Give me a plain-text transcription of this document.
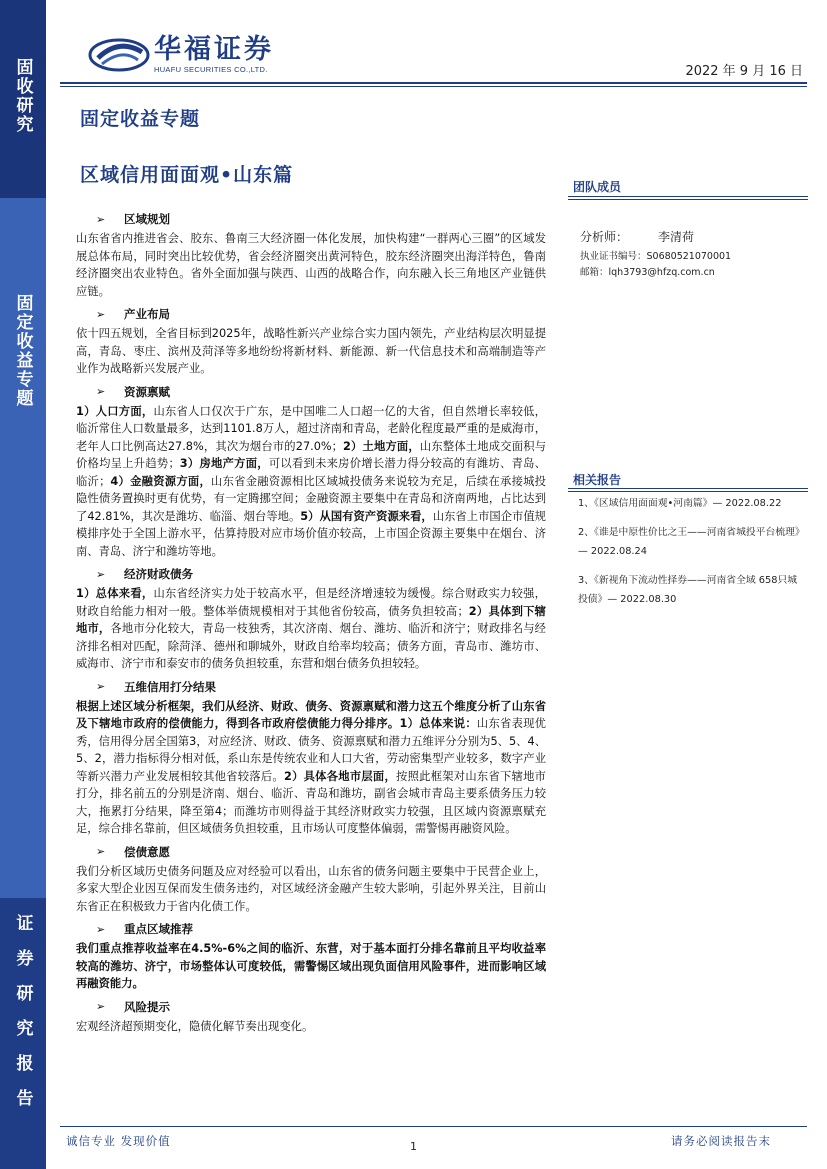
固收研究
固定收益专题
证券研究报告
华福证券
HUAFU SECURITIES CO.,LTD.	2022 年 9 月 16 日
固定收益专题
区域信用面面观•山东篇
➢	区域规划
山东省省内推进省会、胶东、鲁南三大经济圈一体化发展，加快构建“一群两心三圈”的区域发展总体布局，同时突出比较优势，省会经济圈突出黄河特色，胶东经济圈突出海洋特色，鲁南经济圈突出农业特色。省外全面加强与陕西、山西的战略合作，向东融入长三角地区产业链供应链。
➢	产业布局
依十四五规划，全省目标到2025年，战略性新兴产业综合实力国内领先，产业结构层次明显提高，青岛、枣庄、滨州及菏泽等多地纷纷将新材料、新能源、新一代信息技术和高端制造等产业作为战略新兴发展产业。
➢	资源禀赋
1）人口方面，山东省人口仅次于广东，是中国唯二人口超一亿的大省，但自然增长率较低，临沂常住人口数量最多，达到1101.8万人，超过济南和青岛，老龄化程度最严重的是威海市，老年人口比例高达27.8%，其次为烟台市的27.0%；2）土地方面，山东整体土地成交面积与价格均呈上升趋势；3）房地产方面，可以看到未来房价增长潜力得分较高的有潍坊、青岛、临沂；4）金融资源方面，山东省金融资源相比区域城投债务来说较为充足，后续在承接城投隐性债务置换时更有优势，有一定腾挪空间；金融资源主要集中在青岛和济南两地，占比达到了42.81%，其次是潍坊、临淄、烟台等地。5）从国有资产资源来看，山东省上市国企市值规模排序处于全国上游水平，估算持股对应市场价值亦较高，上市国企资源主要集中在烟台、济南、青岛、济宁和潍坊等地。
➢	经济财政债务
1）总体来看，山东省经济实力处于较高水平，但是经济增速较为缓慢。综合财政实力较强，财政自给能力相对一般。整体举债规模相对于其他省份较高，债务负担较高；2）具体到下辖地市，各地市分化较大，青岛一枝独秀，其次济南、烟台、潍坊、临沂和济宁；财政排名与经济排名相对匹配，除菏泽、德州和聊城外，财政自给率均较高；债务方面，青岛市、潍坊市、威海市、济宁市和泰安市的债务负担较重，东营和烟台债务负担较轻。
➢	五维信用打分结果
根据上述区域分析框架，我们从经济、财政、债务、资源禀赋和潜力这五个维度分析了山东省及下辖地市政府的偿债能力，得到各市政府偿债能力得分排序。1）总体来说：山东省表现优秀，信用得分居全国第3，对应经济、财政、债务、资源禀赋和潜力五维评分分别为5、5、4、5、2，潜力指标得分相对低，系山东是传统农业和人口大省，劳动密集型产业较多，数字产业等新兴潜力产业发展相较其他省较落后。2）具体各地市层面，按照此框架对山东省下辖地市打分，排名前五的分别是济南、烟台、临沂、青岛和潍坊，副省会城市青岛主要系债务压力较大，拖累打分结果，降至第4；而潍坊市则得益于其经济财政实力较强，且区域内资源禀赋充足，综合排名靠前，但区域债务负担较重，且市场认可度整体偏弱，需警惕再融资风险。
➢	偿债意愿
我们分析区域历史债务问题及应对经验可以看出，山东省的债务问题主要集中于民营企业上，多家大型企业因互保而发生债务违约，对区域经济金融产生较大影响，引起外界关注，目前山东省正在积极致力于省内化债工作。
➢	重点区域推荐
我们重点推荐收益率在4.5%-6%之间的临沂、东营，对于基本面打分排名靠前且平均收益率较高的潍坊、济宁，市场整体认可度较低，需警惕区域出现负面信用风险事件，进而影响区域再融资能力。
➢	风险提示
宏观经济超预期变化，隐债化解节奏出现变化。
团队成员
分析师：	李清荷
执业证书编号：S0680521070001
邮箱：lqh3793@hfzq.com.cn
相关报告
1、《区域信用面面观•河南篇》— 2022.08.22
2、《谁是中原性价比之王——河南省城投平台梳理》— 2022.08.24
3、《新视角下流动性择券——河南省全域 658只城投债》— 2022.08.30
诚信专业 发现价值	1	请务必阅读报告末
